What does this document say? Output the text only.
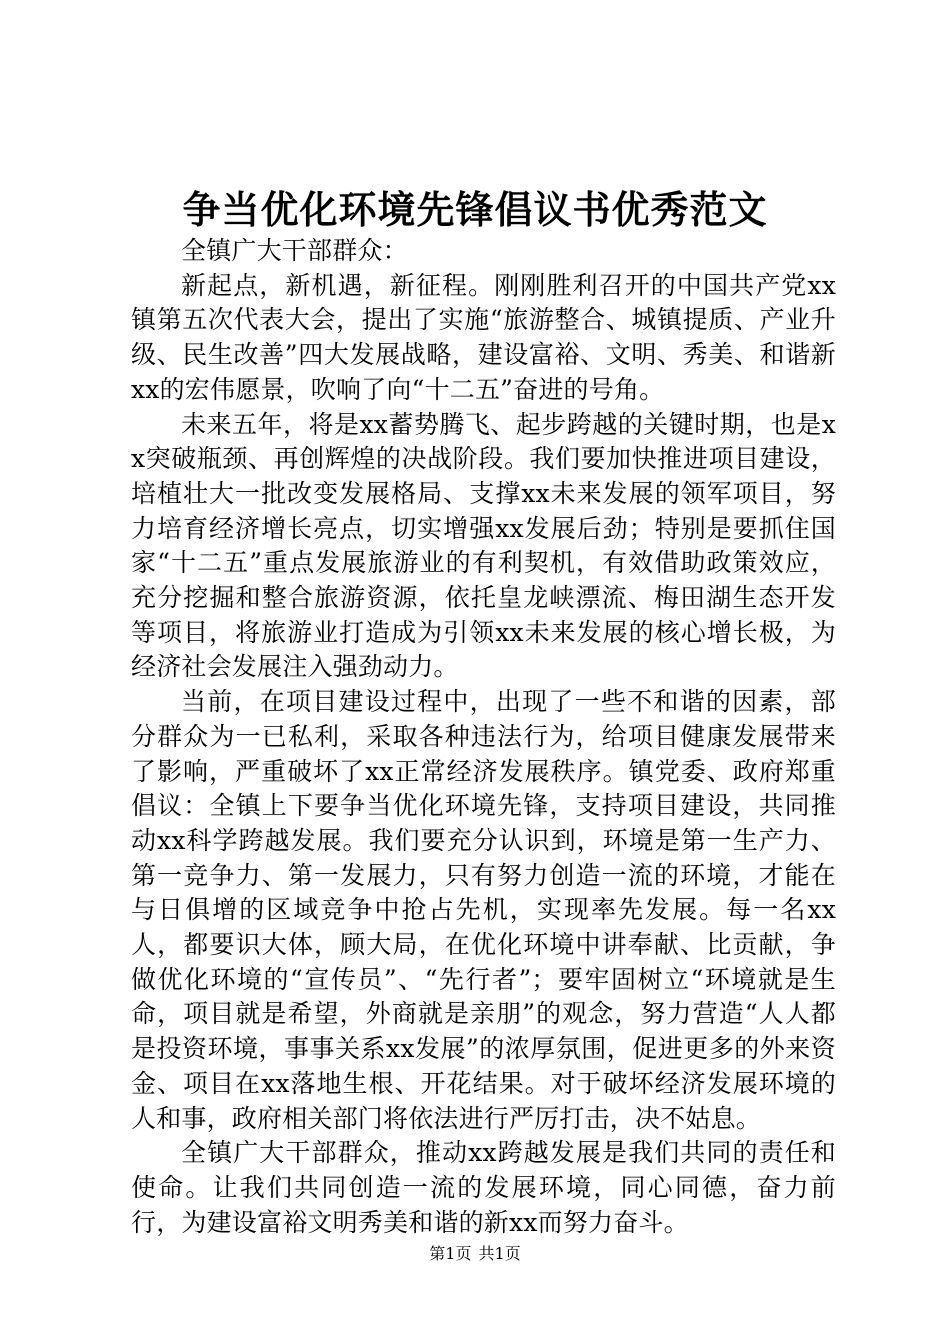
争当优化环境先锋倡议书优秀范文

全镇广大干部群众：

新起点，新机遇，新征程。刚刚胜利召开的中国共产党xx镇第五次代表大会，提出了实施“旅游整合、城镇提质、产业升级、民生改善”四大发展战略，建设富裕、文明、秀美、和谐新xx的宏伟愿景，吹响了向“十二五”奋进的号角。

未来五年，将是xx蓄势腾飞、起步跨越的关键时期，也是xx突破瓶颈、再创辉煌的决战阶段。我们要加快推进项目建设，培植壮大一批改变发展格局、支撑xx未来发展的领军项目，努力培育经济增长亮点，切实增强xx发展后劲；特别是要抓住国家“十二五”重点发展旅游业的有利契机，有效借助政策效应，充分挖掘和整合旅游资源，依托皇龙峡漂流、梅田湖生态开发等项目，将旅游业打造成为引领xx未来发展的核心增长极，为经济社会发展注入强劲动力。

当前，在项目建设过程中，出现了一些不和谐的因素，部分群众为一已私利，采取各种违法行为，给项目健康发展带来了影响，严重破坏了xx正常经济发展秩序。镇党委、政府郑重倡议：全镇上下要争当优化环境先锋，支持项目建设，共同推动xx科学跨越发展。我们要充分认识到，环境是第一生产力、第一竞争力、第一发展力，只有努力创造一流的环境，才能在与日俱增的区域竞争中抢占先机，实现率先发展。每一名xx人，都要识大体，顾大局，在优化环境中讲奉献、比贡献，争做优化环境的“宣传员”、“先行者”；要牢固树立“环境就是生命，项目就是希望，外商就是亲朋”的观念，努力营造“人人都是投资环境，事事关系xx发展”的浓厚氛围，促进更多的外来资金、项目在xx落地生根、开花结果。对于破坏经济发展环境的人和事，政府相关部门将依法进行严厉打击，决不姑息。

全镇广大干部群众，推动xx跨越发展是我们共同的责任和使命。让我们共同创造一流的发展环境，同心同德，奋力前行，为建设富裕文明秀美和谐的新xx而努力奋斗。

第1页 共1页
